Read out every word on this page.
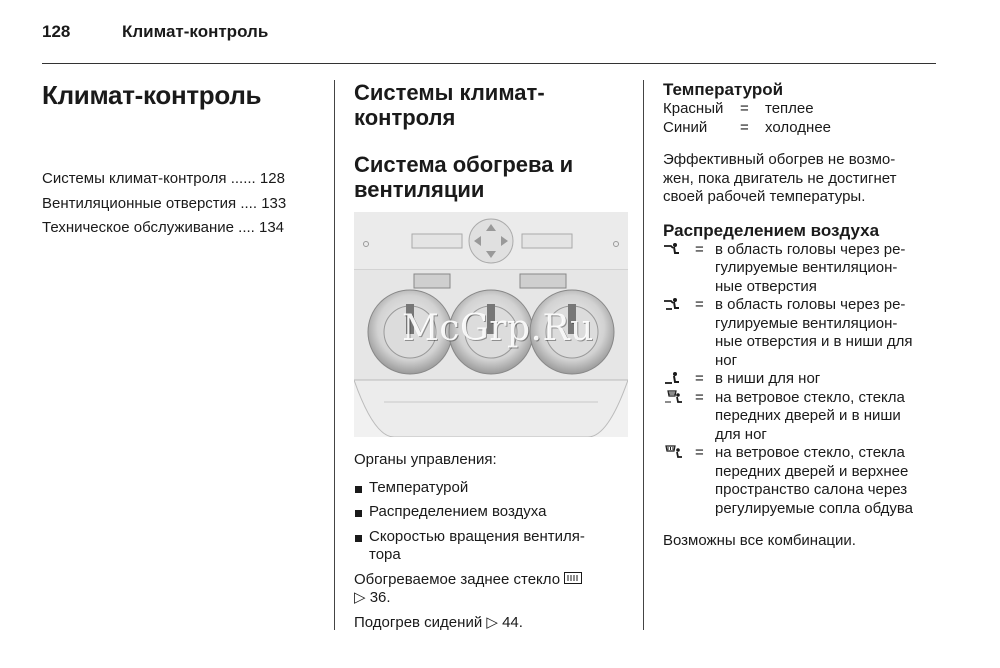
128	Климат-контроль
Климат-контроль
Системы климат-контроля ...... 128
Вентиляционные отверстия .... 133
Техническое обслуживание .... 134
Системы климат-
контроля
Система обогрева и
вентиляции

Органы управления:

Температурой
Распределением воздуха
Скоростью вращения вентиля-
тора

Обогреваемое заднее стекло
▷ 36.

Подогрев сидений ▷ 44.

McGrp.Ru
Температурой
Красный	=	теплее
Синий	=	холоднее

Эффективный обогрев не возмо-
жен, пока двигатель не достигнет
своей рабочей температуры.

Распределением воздуха
= в область головы через ре-
гулируемые вентиляцион-
ные отверстия
= в область головы через ре-
гулируемые вентиляцион-
ные отверстия и в ниши для
ног
= в ниши для ног
= на ветровое стекло, стекла
передних дверей и в ниши
для ног
= на ветровое стекло, стекла
передних дверей и верхнее
пространство салона через
регулируемые сопла обдува

Возможны все комбинации.
